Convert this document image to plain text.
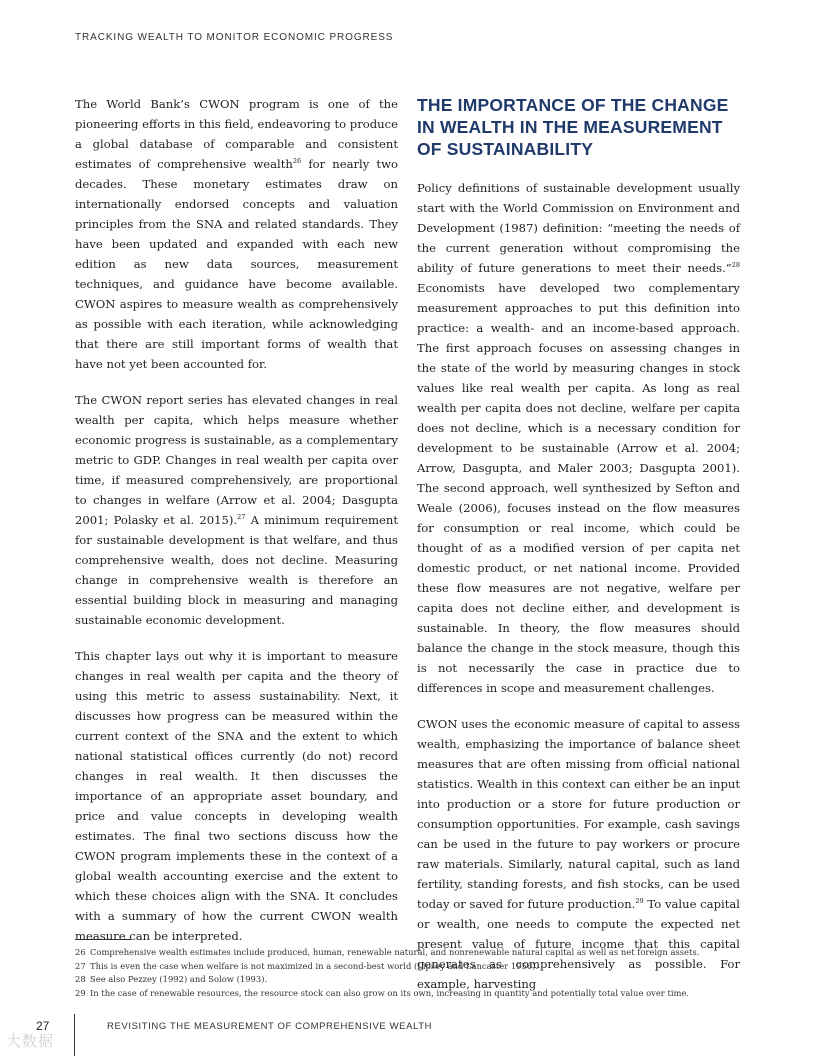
TRACKING WEALTH TO MONITOR ECONOMIC PROGRESS

The World Bank’s CWON program is one of the pioneering efforts in this field, endeavoring to produce a global database of comparable and consistent estimates of comprehensive wealth$^{26}$ for nearly two decades. These monetary estimates draw on internationally endorsed concepts and valuation principles from the SNA and related standards. They have been updated and expanded with each new edition as new data sources, measurement techniques, and guidance have become available. CWON aspires to measure wealth as comprehensively as possible with each iteration, while acknowledging that there are still important forms of wealth that have not yet been accounted for.

The CWON report series has elevated changes in real wealth per capita, which helps measure whether economic progress is sustainable, as a complementary metric to GDP. Changes in real wealth per capita over time, if measured comprehensively, are proportional to changes in welfare (Arrow et al. 2004; Dasgupta 2001; Polasky et al. 2015).$^{27}$ A minimum requirement for sustainable development is that welfare, and thus comprehensive wealth, does not decline. Measuring change in comprehensive wealth is therefore an essential building block in measuring and managing sustainable economic development.

This chapter lays out why it is important to measure changes in real wealth per capita and the theory of using this metric to assess sustainability. Next, it discusses how progress can be measured within the current context of the SNA and the extent to which national statistical offices currently (do not) record changes in real wealth. It then discusses the importance of an appropriate asset boundary, and price and value concepts in developing wealth estimates. The final two sections discuss how the CWON program implements these in the context of a global wealth accounting exercise and the extent to which these choices align with the SNA. It concludes with a summary of how the current CWON wealth measure can be interpreted.

THE IMPORTANCE OF THE CHANGE IN WEALTH IN THE MEASUREMENT OF SUSTAINABILITY

Policy definitions of sustainable development usually start with the World Commission on Environment and Development (1987) definition: “meeting the needs of the current generation without compromising the ability of future generations to meet their needs.”$^{28}$ Economists have developed two complementary measurement approaches to put this definition into practice: a wealth- and an income-based approach. The first approach focuses on assessing changes in the state of the world by measuring changes in stock values like real wealth per capita. As long as real wealth per capita does not decline, welfare per capita does not decline, which is a necessary condition for development to be sustainable (Arrow et al. 2004; Arrow, Dasgupta, and Maler 2003; Dasgupta 2001). The second approach, well synthesized by Sefton and Weale (2006), focuses instead on the flow measures for consumption or real income, which could be thought of as a modified version of per capita net domestic product, or net national income. Provided these flow measures are not negative, welfare per capita does not decline either, and development is sustainable. In theory, the flow measures should balance the change in the stock measure, though this is not necessarily the case in practice due to differences in scope and measurement challenges.

CWON uses the economic measure of capital to assess wealth, emphasizing the importance of balance sheet measures that are often missing from official national statistics. Wealth in this context can either be an input into production or a store for future production or consumption opportunities. For example, cash savings can be used in the future to pay workers or procure raw materials. Similarly, natural capital, such as land fertility, standing forests, and fish stocks, can be used today or saved for future production.$^{29}$ To value capital or wealth, one needs to compute the expected net present value of future income that this capital generates as comprehensively as possible. For example, harvesting

26 Comprehensive wealth estimates include produced, human, renewable natural, and nonrenewable natural capital as well as net foreign assets.
27 This is even the case when welfare is not maximized in a second-best world (Lipsey and Lancaster 1956).
28 See also Pezzey (1992) and Solow (1993).
29 In the case of renewable resources, the resource stock can also grow on its own, increasing in quantity and potentially total value over time.
27	REVISITING THE MEASUREMENT OF COMPREHENSIVE WEALTH
大数据
